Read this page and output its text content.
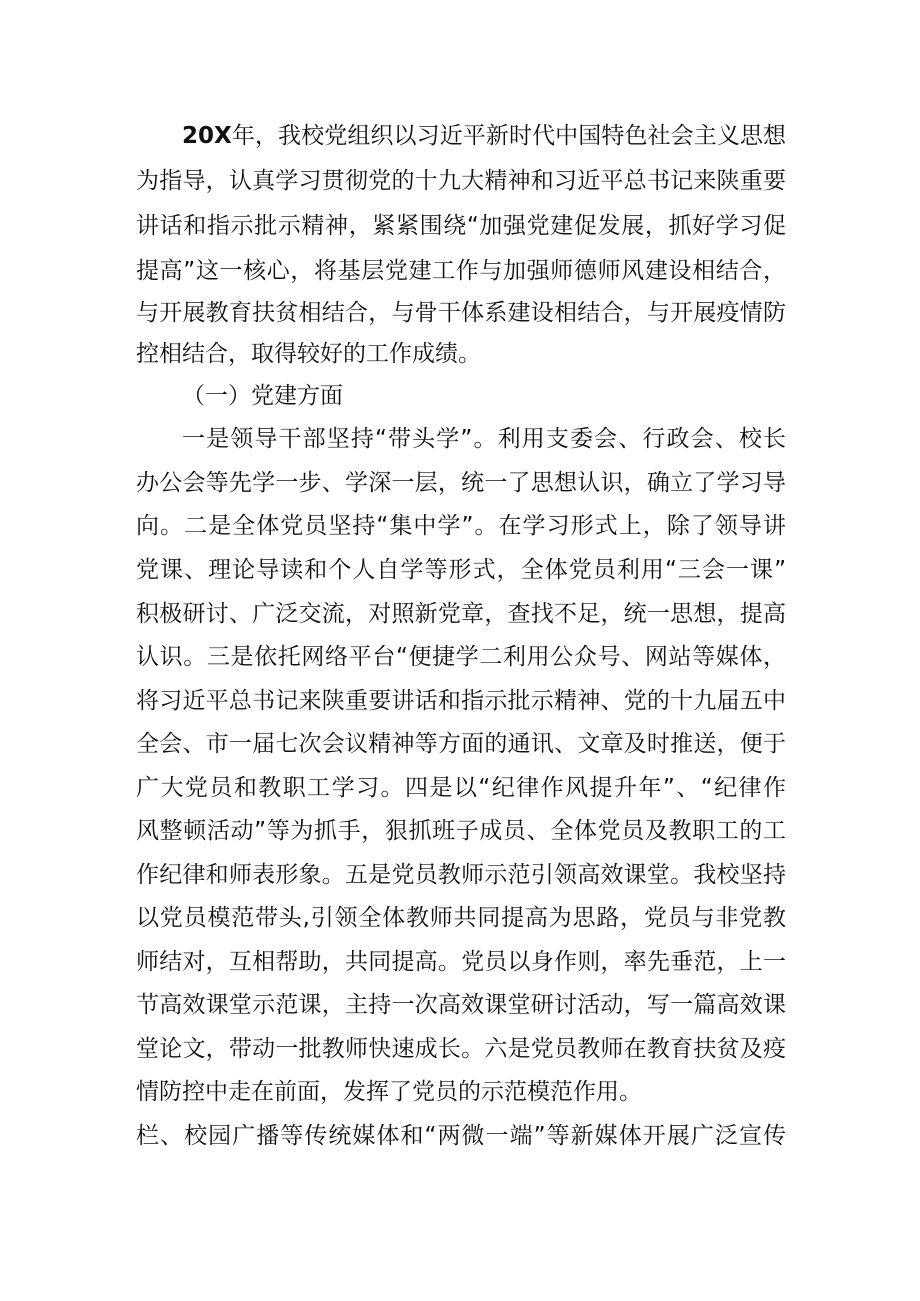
20X年，我校党组织以习近平新时代中国特色社会主义思想
为指导，认真学习贯彻党的十九大精神和习近平总书记来陕重要
讲话和指示批示精神，紧紧围绕“加强党建促发展，抓好学习促
提高”这一核心，将基层党建工作与加强师德师风建设相结合，
与开展教育扶贫相结合，与骨干体系建设相结合，与开展疫情防
控相结合，取得较好的工作成绩。
（一）党建方面
一是领导干部坚持“带头学”。利用支委会、行政会、校长
办公会等先学一步、学深一层，统一了思想认识，确立了学习导
向。二是全体党员坚持“集中学”。在学习形式上，除了领导讲
党课、理论导读和个人自学等形式，全体党员利用“三会一课”
积极研讨、广泛交流，对照新党章，查找不足，统一思想，提高
认识。三是依托网络平台“便捷学二利用公众号、网站等媒体，
将习近平总书记来陕重要讲话和指示批示精神、党的十九届五中
全会、市一届七次会议精神等方面的通讯、文章及时推送，便于
广大党员和教职工学习。四是以“纪律作风提升年”、“纪律作
风整顿活动”等为抓手，狠抓班子成员、全体党员及教职工的工
作纪律和师表形象。五是党员教师示范引领高效课堂。我校坚持
以党员模范带头,引领全体教师共同提高为思路，党员与非党教
师结对，互相帮助，共同提高。党员以身作则，率先垂范，上一
节高效课堂示范课，主持一次高效课堂研讨活动，写一篇高效课
堂论文，带动一批教师快速成长。六是党员教师在教育扶贫及疫
情防控中走在前面，发挥了党员的示范模范作用。
栏、校园广播等传统媒体和“两微一端”等新媒体开展广泛宣传
